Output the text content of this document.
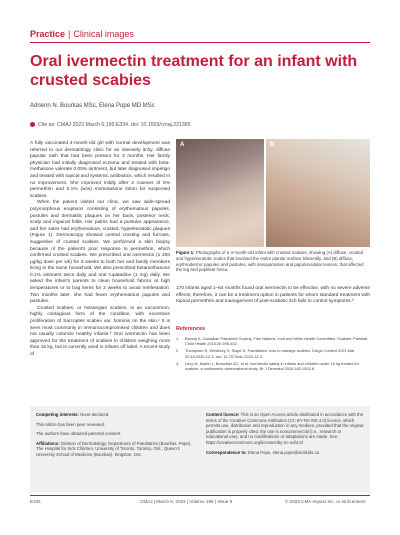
Practice | Clinical images
Oral ivermectin treatment for an infant with crusted scabies
Adrienn N. Bourkas MSc, Elena Pope MD MSc
Cite as: CMAJ 2023 March 6;195:E334. doi: 10.1503/cmaj.221385

A fully vaccinated 4-month-old girl with normal development was referred to our dermatology clinic for an intensely itchy, diffuse papular rash that had been present for 3 months. Her family physician had initially diagnosed eczema and treated with beta-methasone valerate 0.05% ointment, but later diagnosed impetigo and treated with topical and systemic antibiotics, which resulted in no improvement. She improved mildly after 2 courses of 5% permethrin and 0.1% (w/w) mometasone lotion for suspected scabies.

When the patient visited our clinic, we saw wide-spread polymorphous eruptions consisting of erythematous papules, pustules and dermatitic plaques on her back, posterior neck, scalp and inguinal folds. Her palms had a pustular appearance, and her soles had erythematous, crusted, hyperkeratotic plaques (Figure 1). Dermoscopy showed central crusting and furrows, suggestive of crusted scabies. We performed a skin biopsy because of the patient's poor response to permethrin, which confirmed crusted scabies. We prescribed oral ivermectin (1 200 µg/kg dose per wk) for 3 weeks to both her and family members living in the same household. We also prescribed betamethasone 0.1% ointment twice daily and oral rupatadine (1 mg) daily. We asked the infant's parents to clean household fabrics at high temperatures or to bag items for 2 weeks to avoid reinfestation. Two months later, she had fewer erythematous papules and pustules.

Crusted scabies, or Norwegian scabies, is an uncommon, highly contagious form of the condition, with excessive proliferation of Sarcoptes scabiei var. hominis on the skin.¹ It is seen most commonly in immunocompromised children and does not usually colonize healthy infants.² Oral ivermectin has been approved for the treatment of scabies in children weighing more than 15 kg, but is currently used in infants off label. A recent study of

A	B
Figure 1: Photographs of a 4-month-old infant with crusted scabies, showing (A) diffuse, crusted and hyperkeratotic scales that involved the entire plantar surface bilaterally, and (B) diffuse, erythrodermic papules and pustules, with desquamation and papulonodular lesions, that affected the leg and popliteal fossa.

170 infants aged 1–64 months found oral ivermectin to be effective, with no severe adverse effects; therefore, it can be a treatment option in patients for whom standard treatment with topical permethrin and management of post-scabetic itch fails to control symptoms.³

References
1.	Banerji A. Canadian Paediatric Society, First Nations, Inuit and Métis Health Committee. Scabies. Paediatr Child Health 2015;20:395-402.
2.	Thompson R, Westbury S, Slape D. Paediatrics: how to manage scabies. Drugs Context 2021;Mar 20;10:2020-12-3. doi: 10.7573/dic.2020-12-3.
3.	Levy M, Martin L, Bursztejn AC, et al. Ivermectin safety in infants and children under 15 kg treated for scabies: a multicentric observational study. Br J Dermatol 2020;182:1003-6.

Competing interests: None declared.

This article has been peer reviewed.

The authors have obtained parental consent.

Affiliations: Division of Dermatology, Department of Paediatrics (Bourkas, Pope), The Hospital for Sick Children, University of Toronto, Toronto, Ont.; Queen's University School of Medicine (Bourkas), Kingston, Ont.

Content licence: This is an Open Access article distributed in accordance with the terms of the Creative Commons Attribution (CC BY-NC-ND 4.0) licence, which permits use, distribution and reproduction in any medium, provided that the original publication is properly cited, the use is noncommercial (i.e., research or educational use), and no modifications or adaptations are made. See: https://creativecommons.org/licenses/by-nc-nd/4.0/

Correspondence to: Elena Pope, elena.pope@sickkids.ca

E334	CMAJ | March 6, 2023 | Volume 195 | Issue 9	© 2023 CMA Impact Inc. or its licensors
